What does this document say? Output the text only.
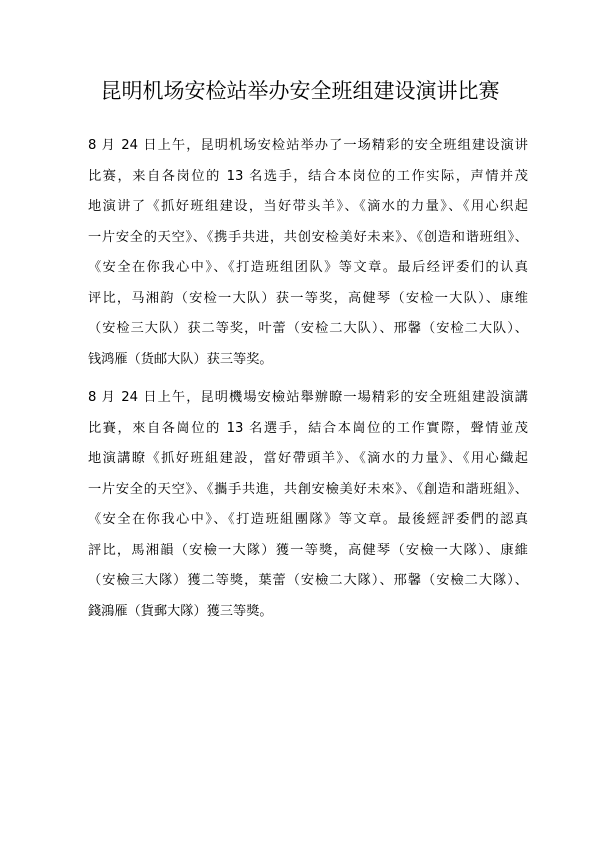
昆明机场安检站举办安全班组建设演讲比赛
8 月 24 日上午，昆明机场安检站举办了一场精彩的安全班组建设演讲
比赛，来自各岗位的 13 名选手，结合本岗位的工作实际，声情并茂
地演讲了《抓好班组建设，当好带头羊》、《滴水的力量》、《用心织起
一片安全的天空》、《携手共进，共创安检美好未来》、《创造和谐班组》、
《安全在你我心中》、《打造班组团队》等文章。最后经评委们的认真
评比，马湘韵（安检一大队）获一等奖，高健琴（安检一大队）、康维
（安检三大队）获二等奖，叶蕾（安检二大队）、邢馨（安检二大队）、
钱鸿雁（货邮大队）获三等奖。
8 月 24 日上午，昆明機場安檢站舉辦瞭一場精彩的安全班組建設演講
比賽，來自各崗位的 13 名選手，結合本崗位的工作實際，聲情並茂
地演講瞭《抓好班組建設，當好帶頭羊》、《滴水的力量》、《用心織起
一片安全的天空》、《攜手共進，共創安檢美好未來》、《創造和諧班組》、
《安全在你我心中》、《打造班組團隊》等文章。最後經評委們的認真
評比，馬湘韻（安檢一大隊）獲一等獎，高健琴（安檢一大隊）、康維
（安檢三大隊）獲二等獎，葉蕾（安檢二大隊）、邢馨（安檢二大隊）、
錢鴻雁（貨郵大隊）獲三等獎。
